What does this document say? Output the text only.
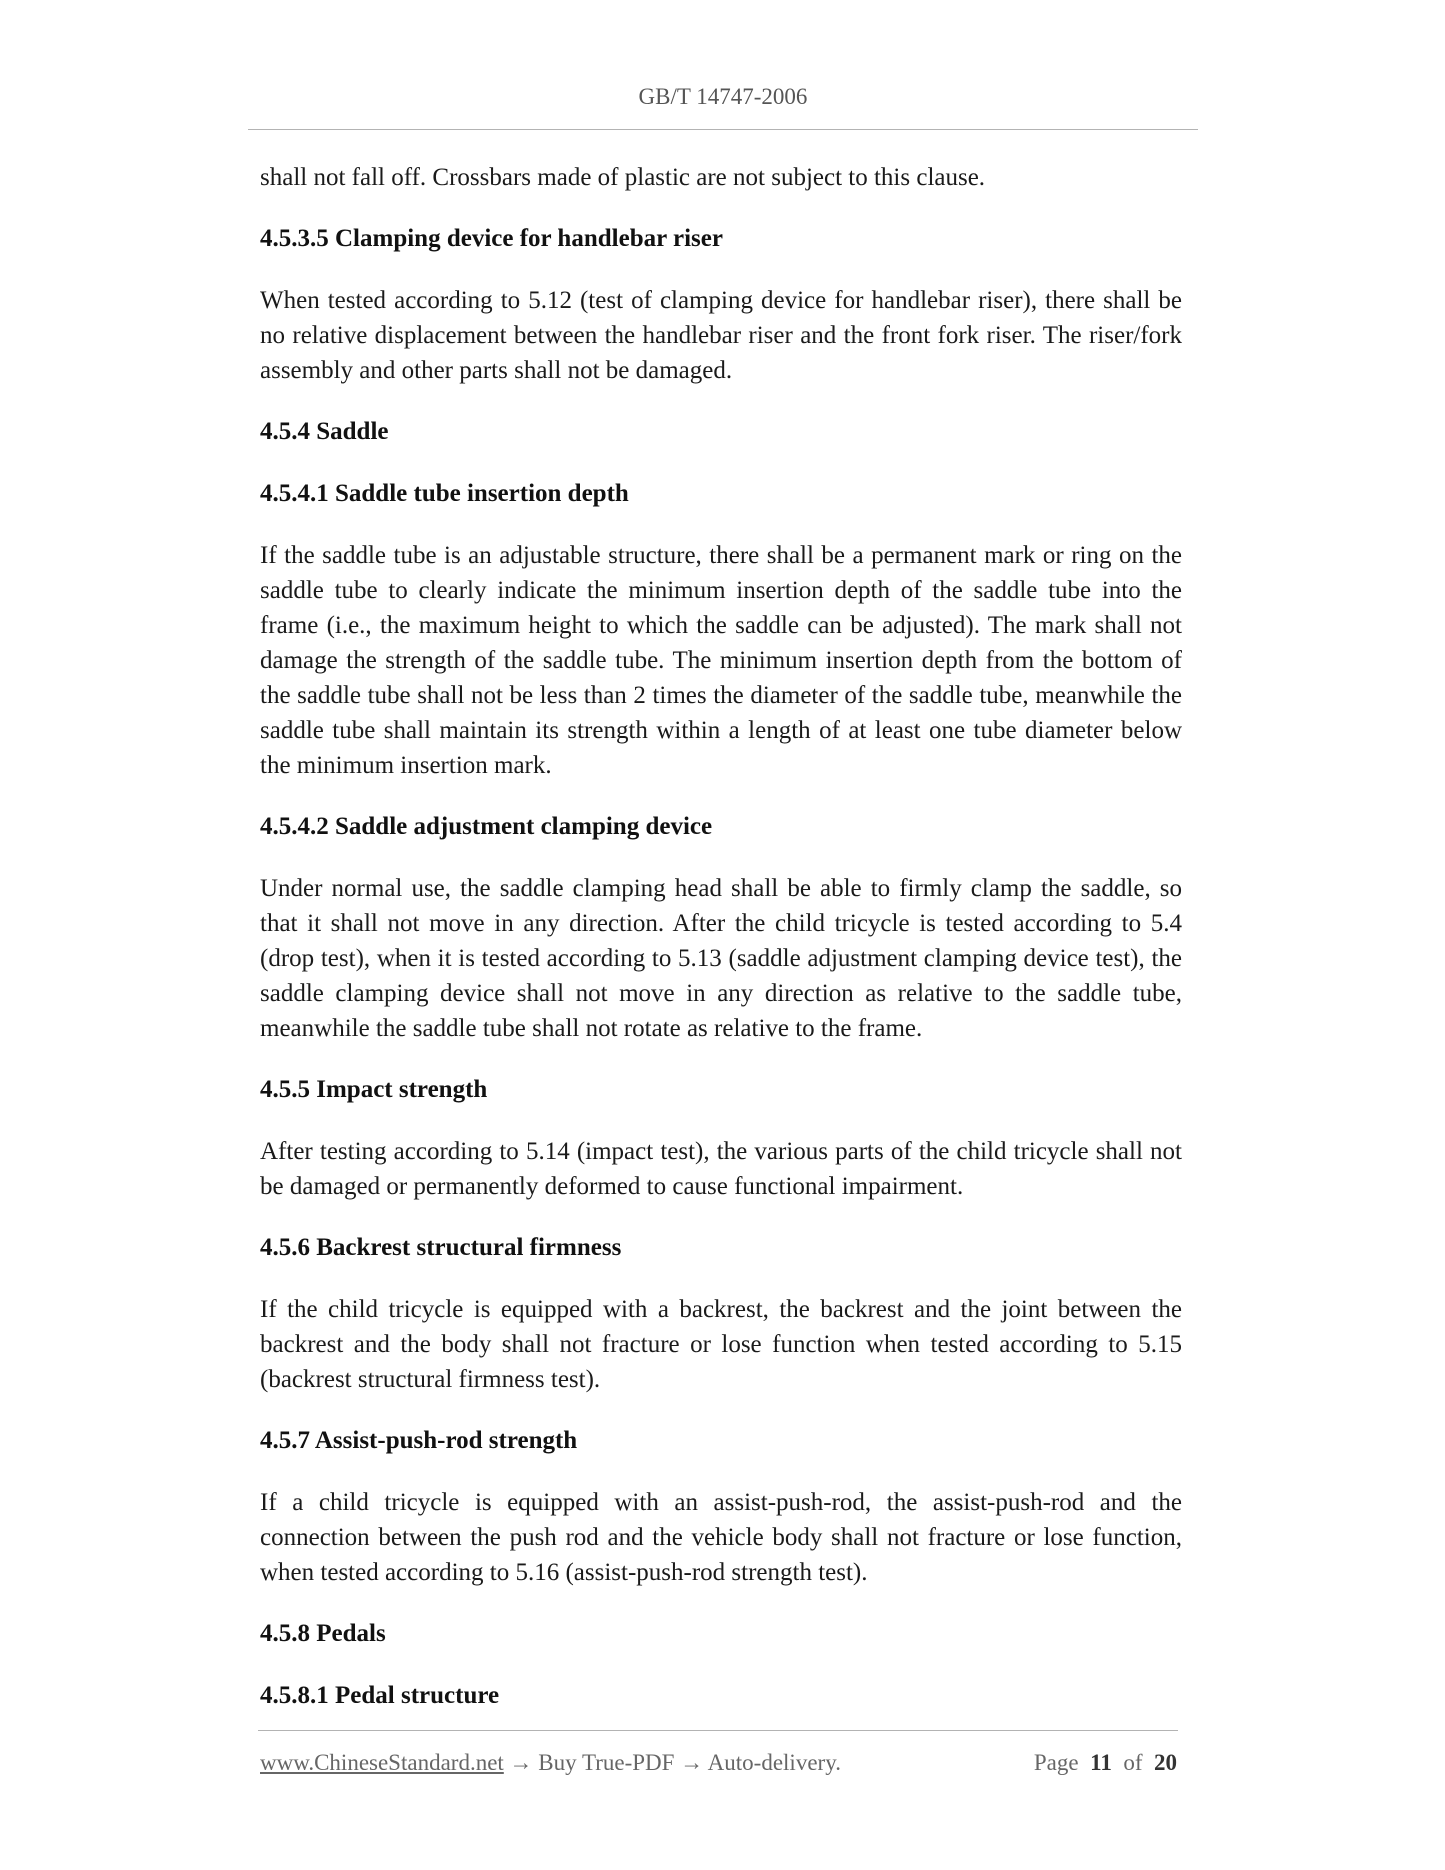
GB/T 14747-2006

shall not fall off. Crossbars made of plastic are not subject to this clause.

4.5.3.5 Clamping device for handlebar riser

When tested according to 5.12 (test of clamping device for handlebar riser), there shall be no relative displacement between the handlebar riser and the front fork riser. The riser/fork assembly and other parts shall not be damaged.

4.5.4 Saddle
4.5.4.1 Saddle tube insertion depth

If the saddle tube is an adjustable structure, there shall be a permanent mark or ring on the saddle tube to clearly indicate the minimum insertion depth of the saddle tube into the frame (i.e., the maximum height to which the saddle can be adjusted). The mark shall not damage the strength of the saddle tube. The minimum insertion depth from the bottom of the saddle tube shall not be less than 2 times the diameter of the saddle tube, meanwhile the saddle tube shall maintain its strength within a length of at least one tube diameter below the minimum insertion mark.

4.5.4.2 Saddle adjustment clamping device

Under normal use, the saddle clamping head shall be able to firmly clamp the saddle, so that it shall not move in any direction. After the child tricycle is tested according to 5.4 (drop test), when it is tested according to 5.13 (saddle adjustment clamping device test), the saddle clamping device shall not move in any direction as relative to the saddle tube, meanwhile the saddle tube shall not rotate as relative to the frame.

4.5.5 Impact strength

After testing according to 5.14 (impact test), the various parts of the child tricycle shall not be damaged or permanently deformed to cause functional impairment.

4.5.6 Backrest structural firmness

If the child tricycle is equipped with a backrest, the backrest and the joint between the backrest and the body shall not fracture or lose function when tested according to 5.15 (backrest structural firmness test).

4.5.7 Assist-push-rod strength

If a child tricycle is equipped with an assist-push-rod, the assist-push-rod and the connection between the push rod and the vehicle body shall not fracture or lose function, when tested according to 5.16 (assist-push-rod strength test).

4.5.8 Pedals
4.5.8.1 Pedal structure
www.ChineseStandard.net → Buy True-PDF → Auto-delivery.	Page 11 of 20
